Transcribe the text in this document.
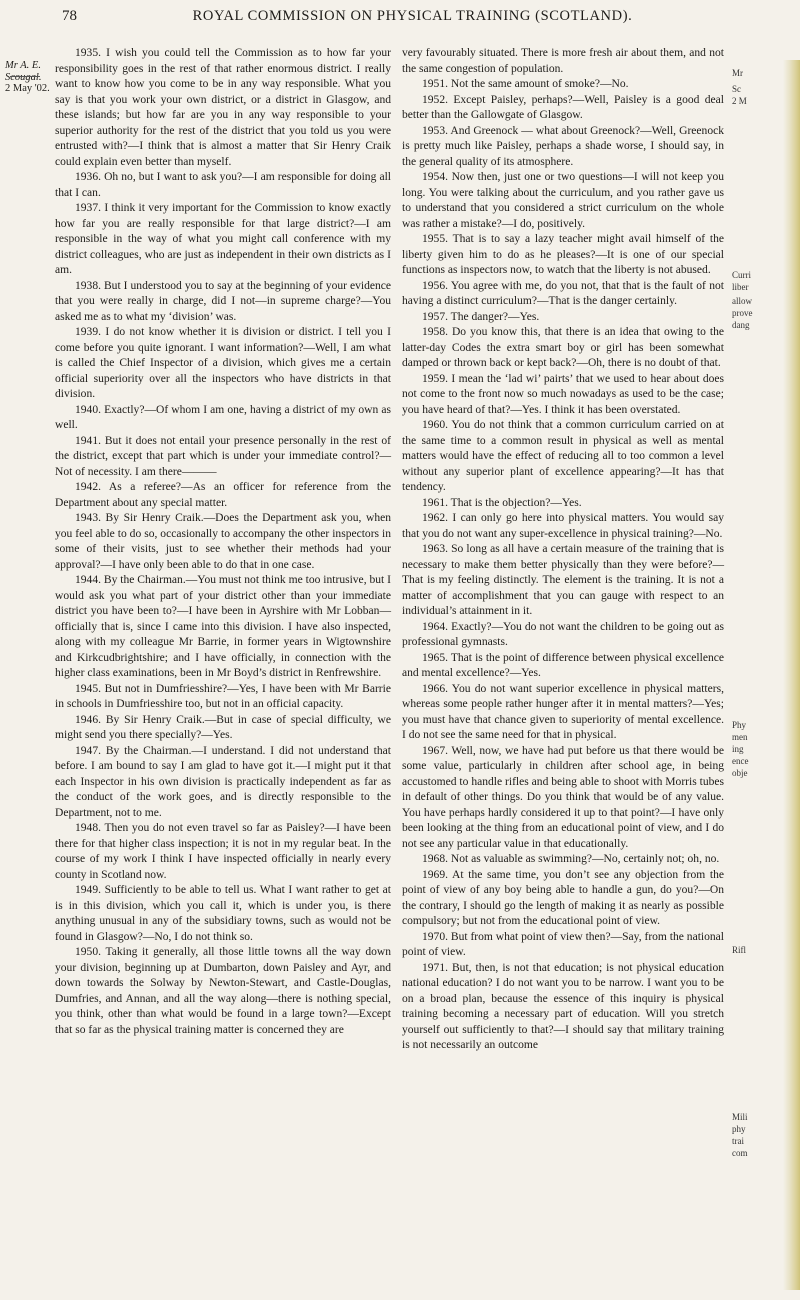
78	ROYAL COMMISSION ON PHYSICAL TRAINING (SCOTLAND).
Mr A. E. Scougal.
2 May '02.

1935. I wish you could tell the Commission as to how far your responsibility goes in the rest of that rather enormous district. I really want to know how you come to be in any way responsible. What you say is that you work your own district, or a district in Glasgow, and these islands; but how far are you in any way responsible to your superior authority for the rest of the district that you told us you were entrusted with?—I think that is almost a matter that Sir Henry Craik could explain even better than myself.

1936. Oh no, but I want to ask you?—I am responsible for doing all that I can.

1937. I think it very important for the Commission to know exactly how far you are really responsible for that large district?—I am responsible in the way of what you might call conference with my district colleagues, who are just as independent in their own districts as I am.

1938. But I understood you to say at the beginning of your evidence that you were really in charge, did I not—in supreme charge?—You asked me as to what my ‘division’ was.

1939. I do not know whether it is division or district. I tell you I come before you quite ignorant. I want information?—Well, I am what is called the Chief Inspector of a division, which gives me a certain official superiority over all the inspectors who have districts in that division.

1940. Exactly?—Of whom I am one, having a district of my own as well.

1941. But it does not entail your presence personally in the rest of the district, except that part which is under your immediate control?—Not of necessity. I am there———

1942. As a referee?—As an officer for reference from the Department about any special matter.

1943. By Sir Henry Craik.—Does the Department ask you, when you feel able to do so, occasionally to accompany the other inspectors in some of their visits, just to see whether their methods had your approval?—I have only been able to do that in one case.

1944. By the Chairman.—You must not think me too intrusive, but I would ask you what part of your district other than your immediate district you have been to?—I have been in Ayrshire with Mr Lobban—officially that is, since I came into this division. I have also inspected, along with my colleague Mr Barrie, in former years in Wigtownshire and Kirkcudbrightshire; and I have officially, in connection with the higher class examinations, been in Mr Boyd’s district in Renfrewshire.

1945. But not in Dumfriesshire?—Yes, I have been with Mr Barrie in schools in Dumfriesshire too, but not in an official capacity.

1946. By Sir Henry Craik.—But in case of special difficulty, we might send you there specially?—Yes.

1947. By the Chairman.—I understand. I did not understand that before. I am bound to say I am glad to have got it.—I might put it that each Inspector in his own division is practically independent as far as the conduct of the work goes, and is directly responsible to the Department, not to me.

1948. Then you do not even travel so far as Paisley?—I have been there for that higher class inspection; it is not in my regular beat. In the course of my work I think I have inspected officially in nearly every county in Scotland now.

1949. Sufficiently to be able to tell us. What I want rather to get at is in this division, which you call it, which is under you, is there anything unusual in any of the subsidiary towns, such as would not be found in Glasgow?—No, I do not think so.

1950. Taking it generally, all those little towns all the way down your division, beginning up at Dumbarton, down Paisley and Ayr, and down towards the Solway by Newton-Stewart, and Castle-Douglas, Dumfries, and Annan, and all the way along—there is nothing special, you think, other than what would be found in a large town?—Except that so far as the physical training matter is concerned they are

very favourably situated. There is more fresh air about them, and not the same congestion of population.

1951. Not the same amount of smoke?—No.

1952. Except Paisley, perhaps?—Well, Paisley is a good deal better than the Gallowgate of Glasgow.

1953. And Greenock — what about Greenock?—Well, Greenock is pretty much like Paisley, perhaps a shade worse, I should say, in the general quality of its atmosphere.

1954. Now then, just one or two questions—I will not keep you long. You were talking about the curriculum, and you rather gave us to understand that you considered a strict curriculum on the whole was rather a mistake?—I do, positively.

1955. That is to say a lazy teacher might avail himself of the liberty given him to do as he pleases?—It is one of our special functions as inspectors now, to watch that the liberty is not abused.

1956. You agree with me, do you not, that that is the fault of not having a distinct curriculum?—That is the danger certainly.

1957. The danger?—Yes.

1958. Do you know this, that there is an idea that owing to the latter-day Codes the extra smart boy or girl has been somewhat damped or thrown back or kept back?—Oh, there is no doubt of that.

1959. I mean the ‘lad wi’ pairts’ that we used to hear about does not come to the front now so much nowadays as used to be the case; you have heard of that?—Yes. I think it has been overstated.

1960. You do not think that a common curriculum carried on at the same time to a common result in physical as well as mental matters would have the effect of reducing all to too common a level without any superior plant of excellence appearing?—It has that tendency.

1961. That is the objection?—Yes.

1962. I can only go here into physical matters. You would say that you do not want any super-excellence in physical training?—No.

1963. So long as all have a certain measure of the training that is necessary to make them better physically than they were before?—That is my feeling distinctly. The element is the training. It is not a matter of accomplishment that you can gauge with respect to an individual’s attainment in it.

1964. Exactly?—You do not want the children to be going out as professional gymnasts.

1965. That is the point of difference between physical excellence and mental excellence?—Yes.

1966. You do not want superior excellence in physical matters, whereas some people rather hunger after it in mental matters?—Yes; you must have that chance given to superiority of mental excellence. I do not see the same need for that in physical.

1967. Well, now, we have had put before us that there would be some value, particularly in children after school age, in being accustomed to handle rifles and being able to shoot with Morris tubes in default of other things. Do you think that would be of any value. You have perhaps hardly considered it up to that point?—I have only been looking at the thing from an educational point of view, and I do not see any particular value in that educationally.

1968. Not as valuable as swimming?—No, certainly not; oh, no.

1969. At the same time, you don’t see any objection from the point of view of any boy being able to handle a gun, do you?—On the contrary, I should go the length of making it as nearly as possible compulsory; but not from the educational point of view.

1970. But from what point of view then?—Say, from the national point of view.

1971. But, then, is not that education; is not physical education national education? I do not want you to be narrow. I want you to be on a broad plan, because the essence of this inquiry is physical training becoming a necessary part of education. Will you stretch yourself out sufficiently to that?—I should say that military training is not necessarily an outcome

Mr
Sc
2 M
Curri
liber
allow
prove
dang
Phy
men
ing
ence
obje
Rifl
Mili
phy
trai
com
